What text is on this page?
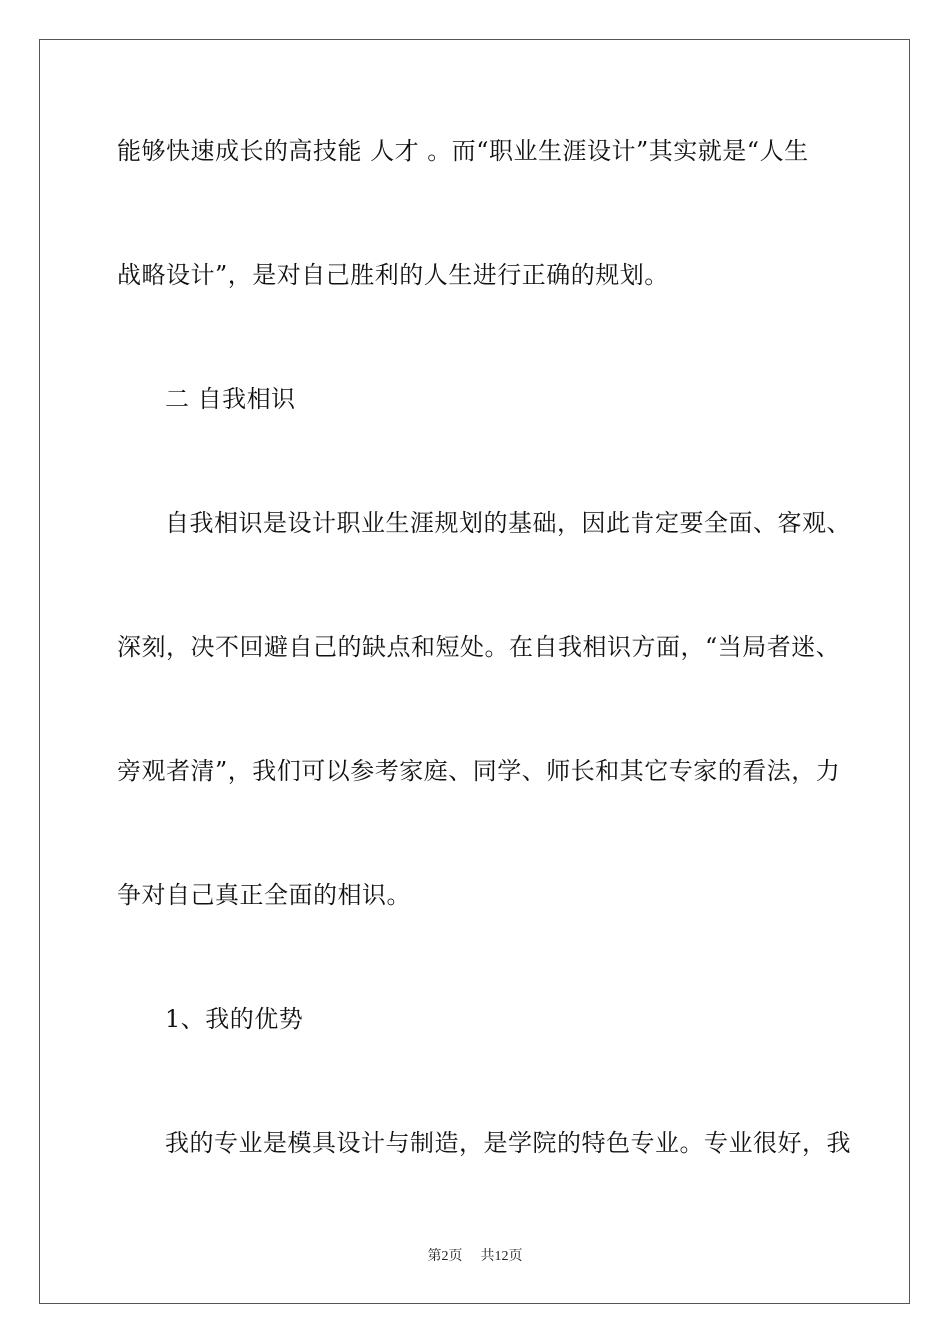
能够快速成长的高技能 人才 。而“职业生涯设计”其实就是“人生
战略设计”，是对自己胜利的人生进行正确的规划。
二 自我相识
自我相识是设计职业生涯规划的基础，因此肯定要全面、客观、
深刻，决不回避自己的缺点和短处。在自我相识方面，“当局者迷、
旁观者清”，我们可以参考家庭、同学、师长和其它专家的看法，力
争对自己真正全面的相识。
1、我的优势
我的专业是模具设计与制造，是学院的特色专业。专业很好，我
第2页 共12页
